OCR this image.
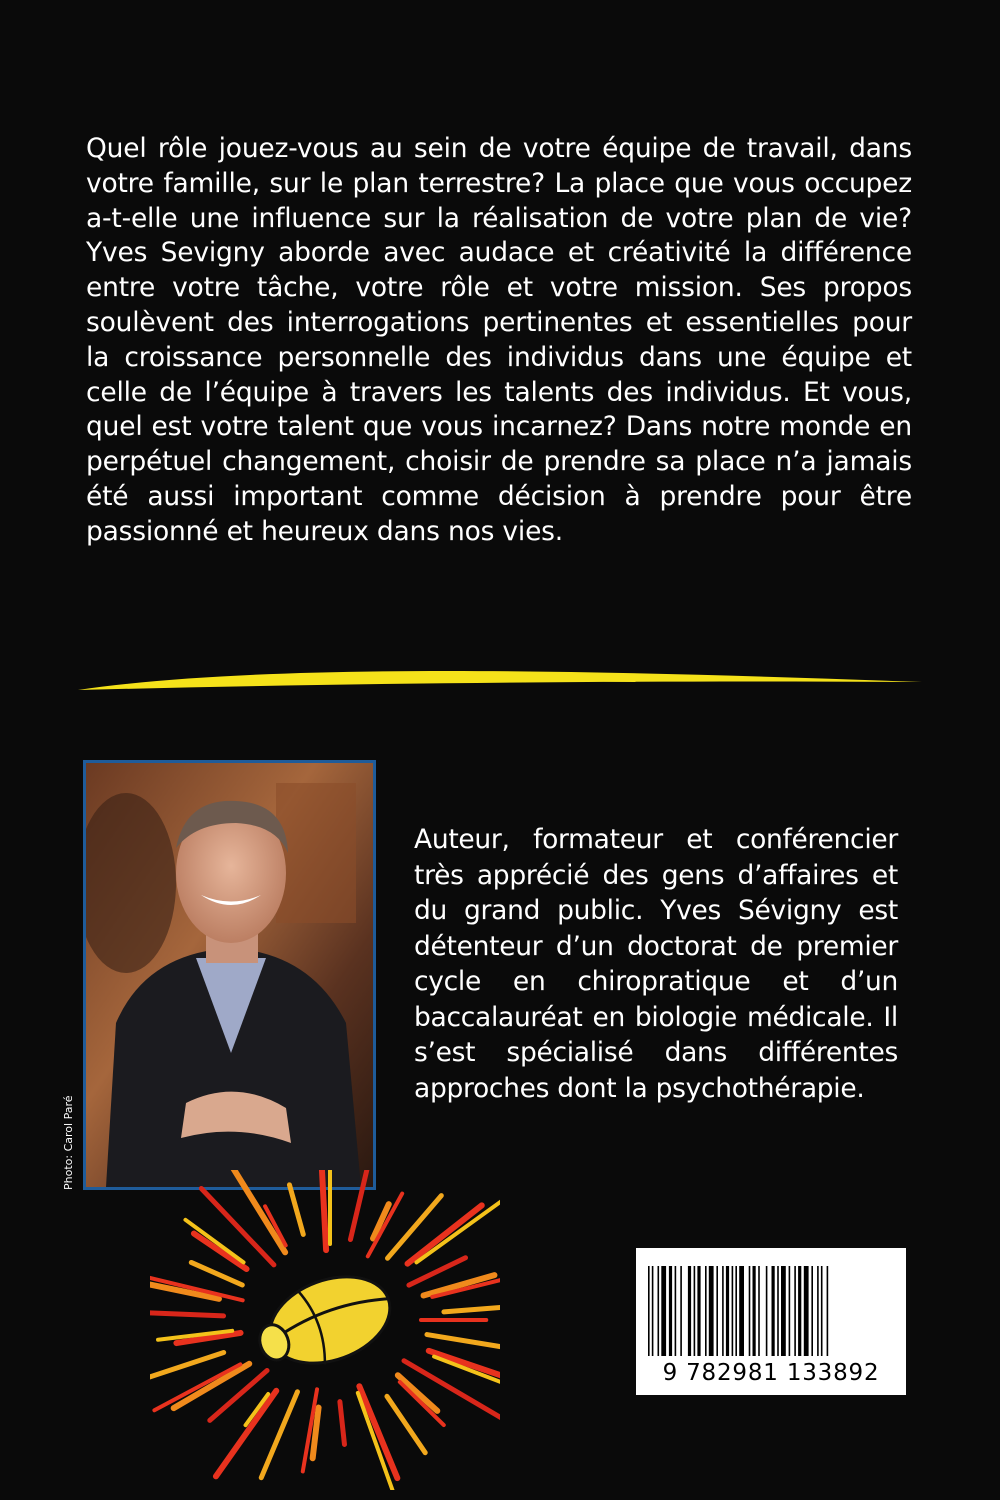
Quel rôle jouez-vous au sein de votre équipe de travail, dans votre famille, sur le plan terrestre? La place que vous occupez a-t-elle une influence sur la réalisation de votre plan de vie? Yves Sevigny aborde avec audace et créativité la différence entre votre tâche, votre rôle et votre mission. Ses propos soulèvent des interrogations pertinentes et essentielles pour la croissance personnelle des individus dans une équipe et celle de l’équipe à travers les talents des individus. Et vous, quel est votre talent que vous incarnez? Dans notre monde en perpétuel changement, choisir de prendre sa place n’a jamais été aussi important comme décision à prendre pour être passionné et heureux dans nos vies.

Photo: Carol Paré

Auteur, formateur et conférencier très apprécié des gens d’affaires et du grand public. Yves Sévigny est détenteur d’un doctorat de premier cycle en chiropratique et d’un baccalauréat en biologie médicale. Il s’est spécialisé dans différentes approches dont la psychothérapie.

9 782981 133892
